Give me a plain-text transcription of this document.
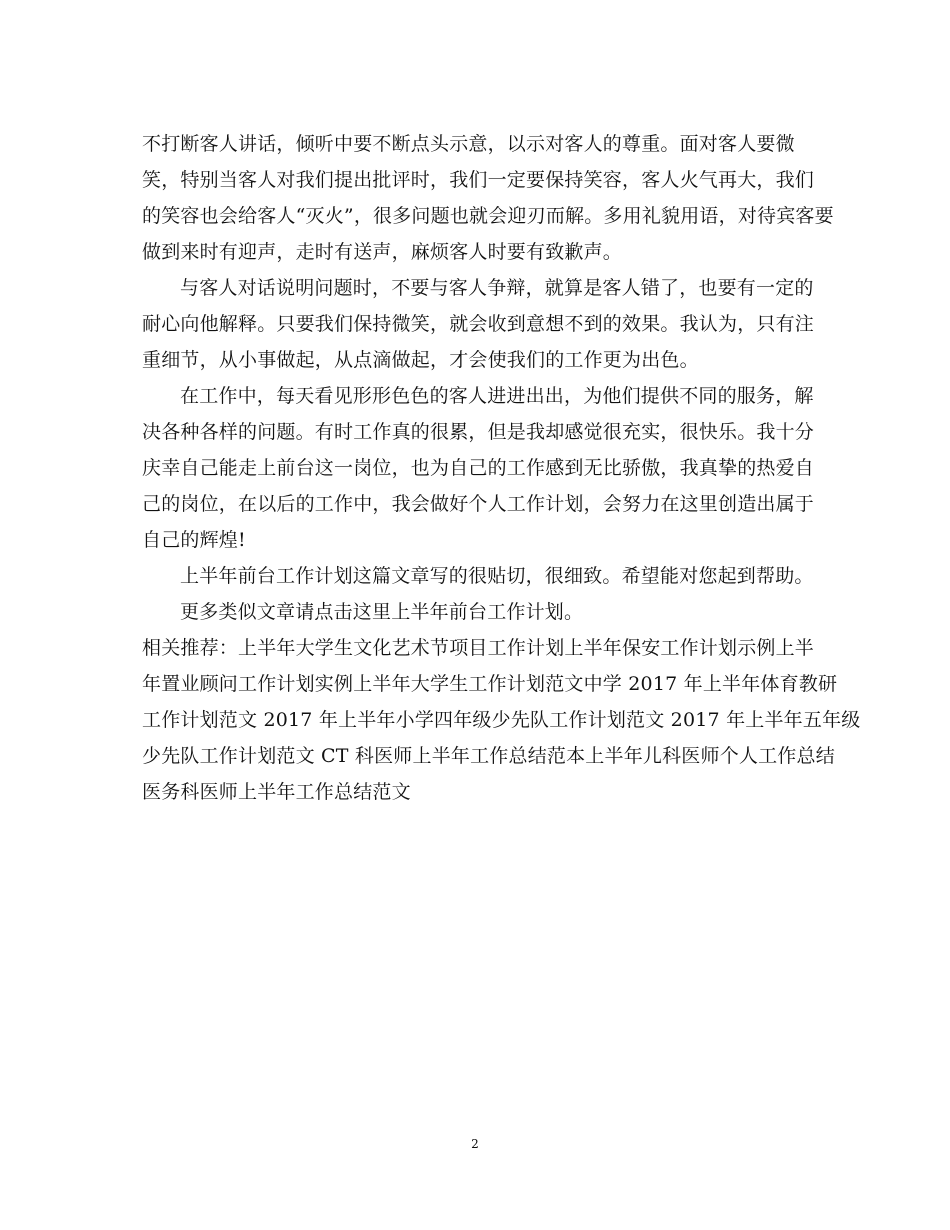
不打断客人讲话，倾听中要不断点头示意，以示对客人的尊重。面对客人要微
笑，特别当客人对我们提出批评时，我们一定要保持笑容，客人火气再大，我们
的笑容也会给客人“灭火”，很多问题也就会迎刃而解。多用礼貌用语，对待宾客要
做到来时有迎声，走时有送声，麻烦客人时要有致歉声。
与客人对话说明问题时，不要与客人争辩，就算是客人错了，也要有一定的
耐心向他解释。只要我们保持微笑，就会收到意想不到的效果。我认为，只有注
重细节，从小事做起，从点滴做起，才会使我们的工作更为出色。
在工作中，每天看见形形色色的客人进进出出，为他们提供不同的服务，解
决各种各样的问题。有时工作真的很累，但是我却感觉很充实，很快乐。我十分
庆幸自己能走上前台这一岗位，也为自己的工作感到无比骄傲，我真挚的热爱自
己的岗位，在以后的工作中，我会做好个人工作计划，会努力在这里创造出属于
自己的辉煌!
上半年前台工作计划这篇文章写的很贴切，很细致。希望能对您起到帮助。
更多类似文章请点击这里上半年前台工作计划。
相关推荐：上半年大学生文化艺术节项目工作计划上半年保安工作计划示例上半
年置业顾问工作计划实例上半年大学生工作计划范文中学 2017 年上半年体育教研
工作计划范文 2017 年上半年小学四年级少先队工作计划范文 2017 年上半年五年级
少先队工作计划范文 CT 科医师上半年工作总结范本上半年儿科医师个人工作总结
医务科医师上半年工作总结范文
2
